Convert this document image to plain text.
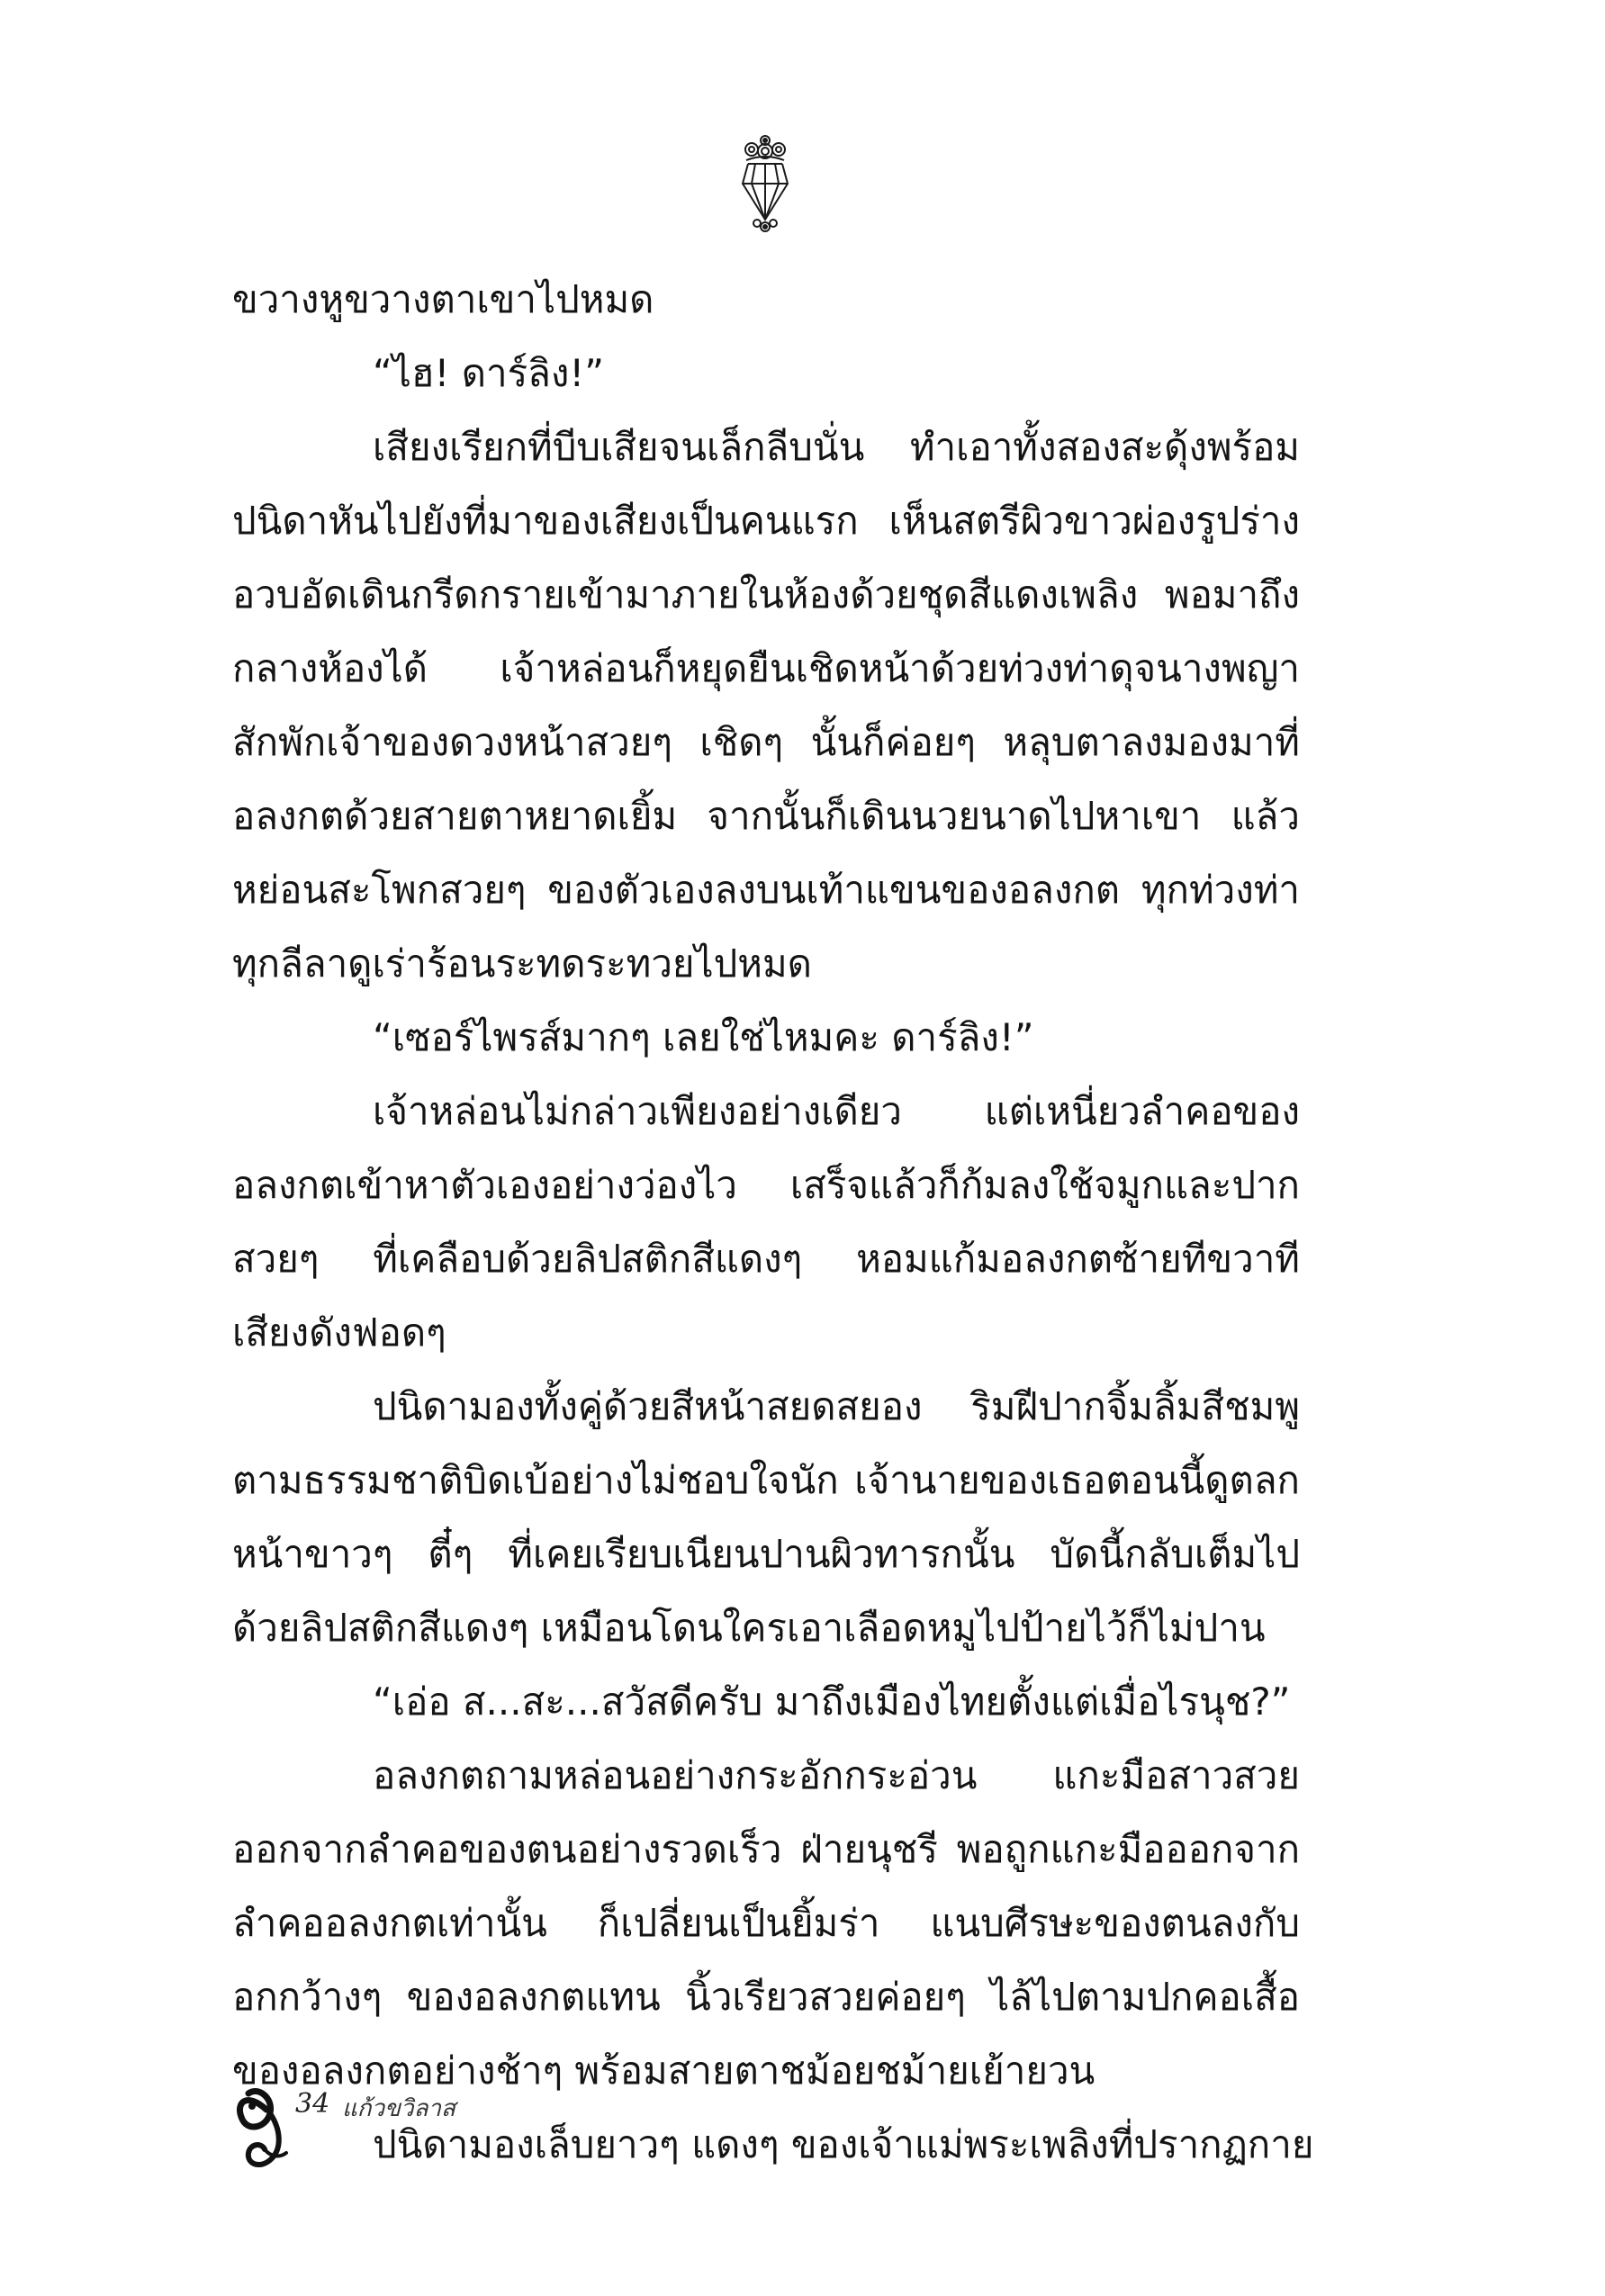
ขวางหูขวางตาเขาไปหมด
“ไฮ! ดาร์ลิง!”
เสียงเรียกที่บีบเสียจนเล็กลีบนั่น ทำเอาทั้งสองสะดุ้งพร้อม
ปนิดาหันไปยังที่มาของเสียงเป็นคนแรก เห็นสตรีผิวขาวผ่องรูปร่าง
อวบอัดเดินกรีดกรายเข้ามาภายในห้องด้วยชุดสีแดงเพลิง พอมาถึง
กลางห้องได้ เจ้าหล่อนก็หยุดยืนเชิดหน้าด้วยท่วงท่าดุจนางพญา
สักพักเจ้าของดวงหน้าสวยๆ เชิดๆ นั้นก็ค่อยๆ หลุบตาลงมองมาที่
อลงกตด้วยสายตาหยาดเยิ้ม จากนั้นก็เดินนวยนาดไปหาเขา แล้ว
หย่อนสะโพกสวยๆ ของตัวเองลงบนเท้าแขนของอลงกต ทุกท่วงท่า
ทุกลีลาดูเร่าร้อนระทดระทวยไปหมด
“เซอร์ไพรส์มากๆ เลยใช่ไหมคะ ดาร์ลิง!”
เจ้าหล่อนไม่กล่าวเพียงอย่างเดียว แต่เหนี่ยวลำคอของ
อลงกตเข้าหาตัวเองอย่างว่องไว เสร็จแล้วก็ก้มลงใช้จมูกและปาก
สวยๆ ที่เคลือบด้วยลิปสติกสีแดงๆ หอมแก้มอลงกตซ้ายทีขวาที
เสียงดังฟอดๆ
ปนิดามองทั้งคู่ด้วยสีหน้าสยดสยอง ริมฝีปากจิ้มลิ้มสีชมพู
ตามธรรมชาติบิดเบ้อย่างไม่ชอบใจนัก เจ้านายของเธอตอนนี้ดูตลก
หน้าขาวๆ ตี๋ๆ ที่เคยเรียบเนียนปานผิวทารกนั้น บัดนี้กลับเต็มไป
ด้วยลิปสติกสีแดงๆ เหมือนโดนใครเอาเลือดหมูไปป้ายไว้ก็ไม่ปาน
“เอ่อ ส...สะ...สวัสดีครับ มาถึงเมืองไทยตั้งแต่เมื่อไรนุช?”
อลงกตถามหล่อนอย่างกระอักกระอ่วน แกะมือสาวสวย
ออกจากลำคอของตนอย่างรวดเร็ว ฝ่ายนุชรี พอถูกแกะมือออกจาก
ลำคออลงกตเท่านั้น ก็เปลี่ยนเป็นยิ้มร่า แนบศีรษะของตนลงกับ
อกกว้างๆ ของอลงกตแทน นิ้วเรียวสวยค่อยๆ ไล้ไปตามปกคอเสื้อ
ของอลงกตอย่างช้าๆ พร้อมสายตาชม้อยชม้ายเย้ายวน
ปนิดามองเล็บยาวๆ แดงๆ ของเจ้าแม่พระเพลิงที่ปรากฏกาย
34 แก้วขวิลาส
